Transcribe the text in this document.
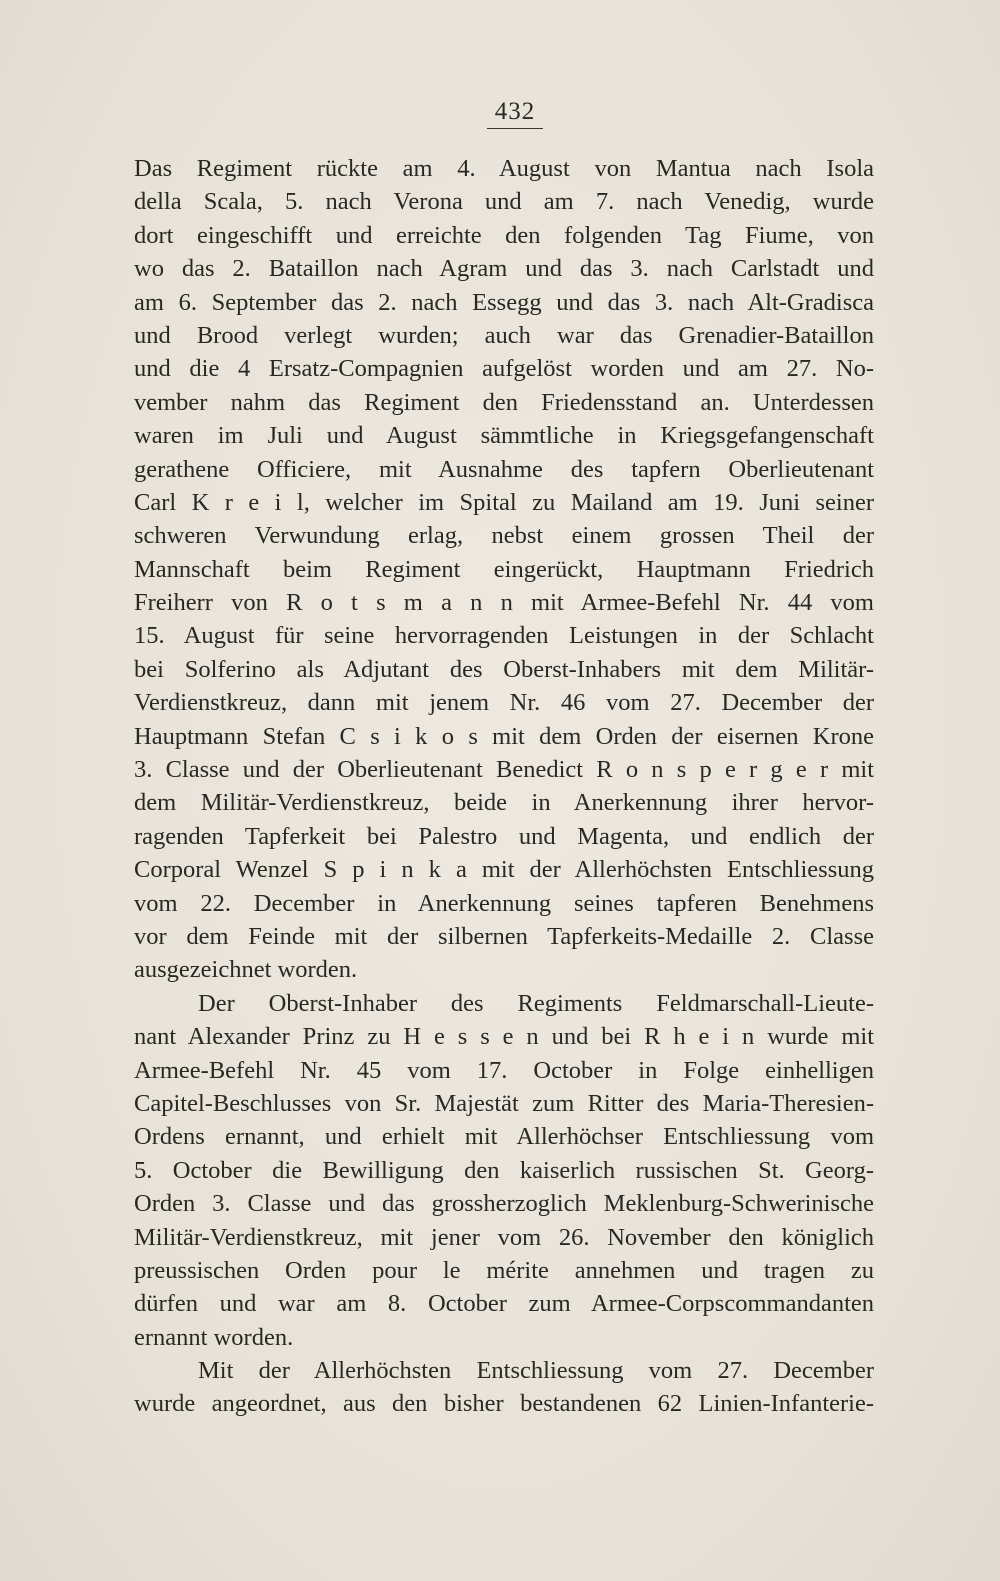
432
Das Regiment rückte am 4. August von Mantua nach Isola
della Scala, 5. nach Verona und am 7. nach Venedig, wurde
dort eingeschifft und erreichte den folgenden Tag Fiume, von
wo das 2. Bataillon nach Agram und das 3. nach Carlstadt und
am 6. September das 2. nach Essegg und das 3. nach Alt-Gradisca
und Brood verlegt wurden; auch war das Grenadier-Bataillon
und die 4 Ersatz-Compagnien aufgelöst worden und am 27. No-
vember nahm das Regiment den Friedensstand an. Unterdessen
waren im Juli und August sämmtliche in Kriegsgefangenschaft
gerathene Officiere, mit Ausnahme des tapfern Oberlieutenant
Carl K r e i l, welcher im Spital zu Mailand am 19. Juni seiner
schweren Verwundung erlag, nebst einem grossen Theil der
Mannschaft beim Regiment eingerückt, Hauptmann Friedrich
Freiherr von R o t s m a n n mit Armee-Befehl Nr. 44 vom
15. August für seine hervorragenden Leistungen in der Schlacht
bei Solferino als Adjutant des Oberst-Inhabers mit dem Militär-
Verdienstkreuz, dann mit jenem Nr. 46 vom 27. December der
Hauptmann Stefan C s i k o s mit dem Orden der eisernen Krone
3. Classe und der Oberlieutenant Benedict R o n s p e r g e r mit
dem Militär-Verdienstkreuz, beide in Anerkennung ihrer hervor-
ragenden Tapferkeit bei Palestro und Magenta, und endlich der
Corporal Wenzel S p i n k a mit der Allerhöchsten Entschliessung
vom 22. December in Anerkennung seines tapferen Benehmens
vor dem Feinde mit der silbernen Tapferkeits-Medaille 2. Classe
ausgezeichnet worden.
Der Oberst-Inhaber des Regiments Feldmarschall-Lieute-
nant Alexander Prinz zu H e s s e n und bei R h e i n wurde mit
Armee-Befehl Nr. 45 vom 17. October in Folge einhelligen
Capitel-Beschlusses von Sr. Majestät zum Ritter des Maria-Theresien-
Ordens ernannt, und erhielt mit Allerhöchser Entschliessung vom
5. October die Bewilligung den kaiserlich russischen St. Georg-
Orden 3. Classe und das grossherzoglich Meklenburg-Schwerinische
Militär-Verdienstkreuz, mit jener vom 26. November den königlich
preussischen Orden pour le mérite annehmen und tragen zu
dürfen und war am 8. October zum Armee-Corpscommandanten
ernannt worden.
Mit der Allerhöchsten Entschliessung vom 27. December
wurde angeordnet, aus den bisher bestandenen 62 Linien-Infanterie-
